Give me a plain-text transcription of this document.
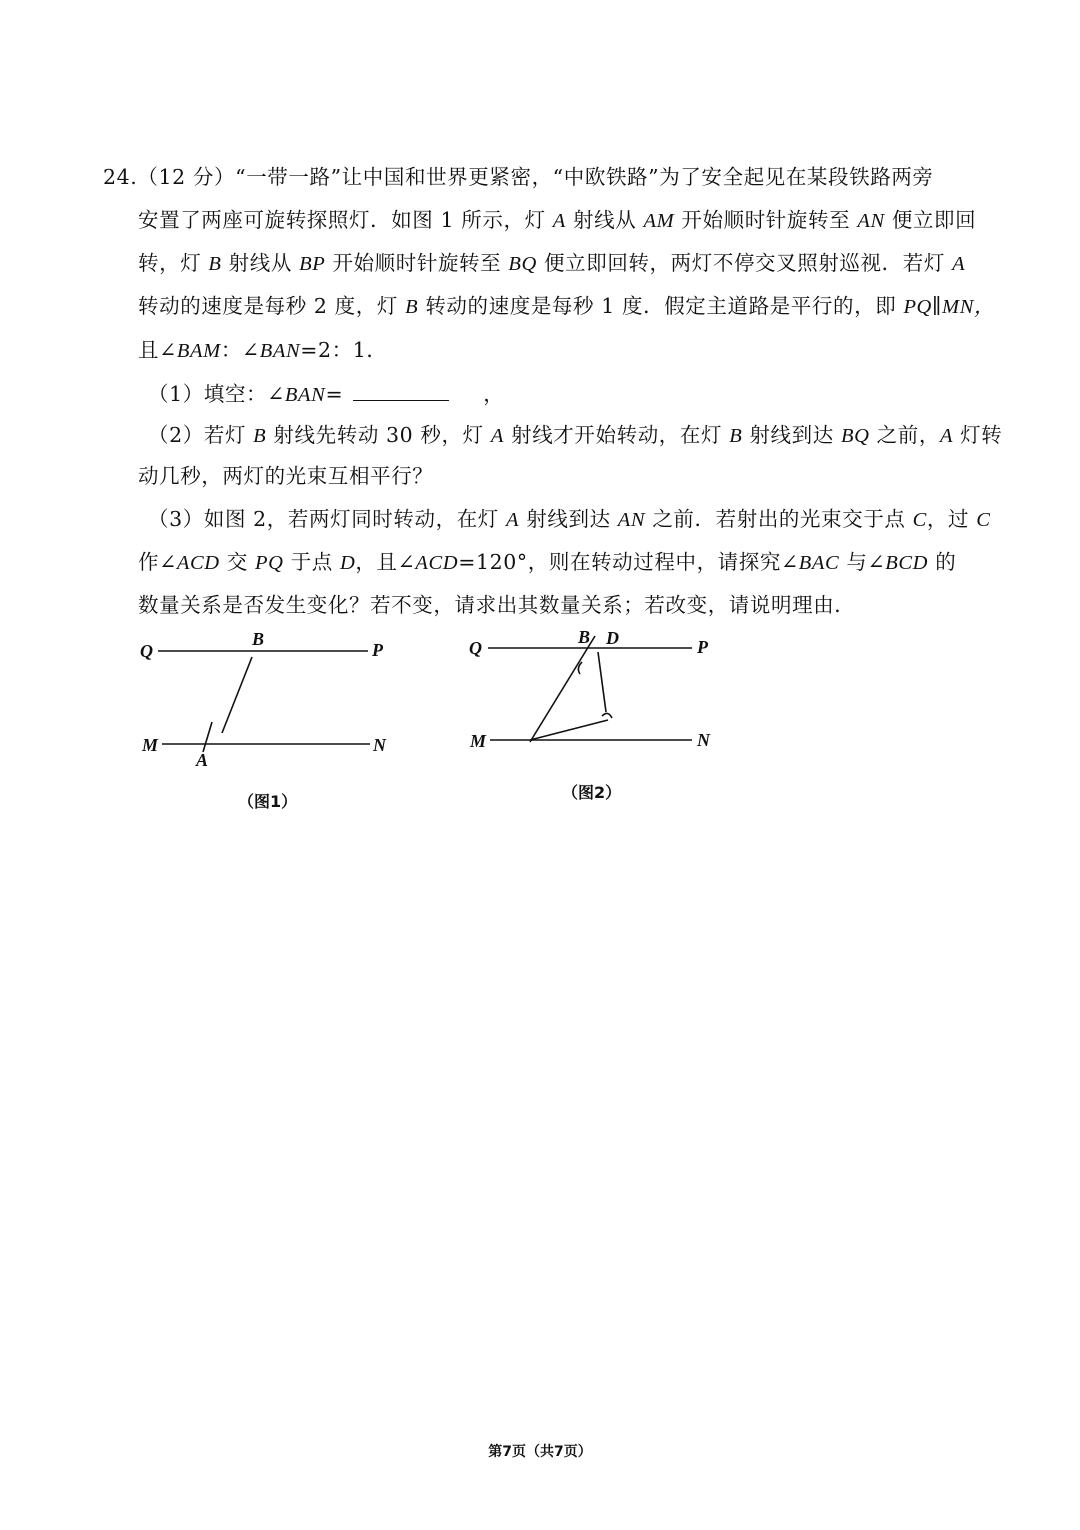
24.（12 分）“一带一路”让中国和世界更紧密，“中欧铁路”为了安全起见在某段铁路两旁
安置了两座可旋转探照灯．如图 1 所示，灯 A 射线从 AM 开始顺时针旋转至 AN 便立即回
转，灯 B 射线从 BP 开始顺时针旋转至 BQ 便立即回转，两灯不停交叉照射巡视．若灯 A
转动的速度是每秒 2 度，灯 B 转动的速度是每秒 1 度．假定主道路是平行的，即 PQ∥MN，
且∠BAM：∠BAN=2：1．
（1）填空：∠BAN=	，
（2）若灯 B 射线先转动 30 秒，灯 A 射线才开始转动，在灯 B 射线到达 BQ 之前，A 灯转
动几秒，两灯的光束互相平行？
（3）如图 2，若两灯同时转动，在灯 A 射线到达 AN 之前．若射出的光束交于点 C，过 C
作∠ACD 交 PQ 于点 D，且∠ACD=120°，则在转动过程中，请探究∠BAC 与∠BCD 的
数量关系是否发生变化？若不变，请求出其数量关系；若改变，请说明理由．
Q
B
P
M
A
N
（图1）
Q
B D	P
M	N
（图2）
第7页（共7页）
